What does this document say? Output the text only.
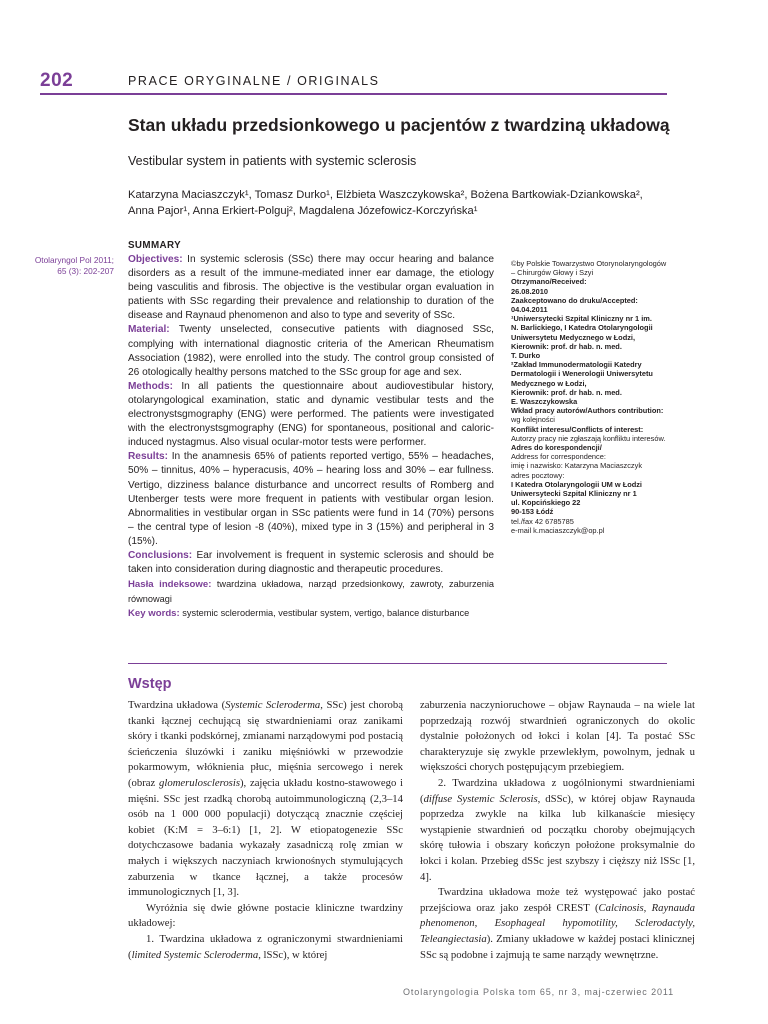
202	PRACE ORYGINALNE / ORIGINALS
Stan układu przedsionkowego u pacjentów z twardziną układową
Vestibular system in patients with systemic sclerosis
Katarzyna Maciaszczyk¹, Tomasz Durko¹, Elżbieta Waszczykowska², Bożena Bartkowiak-Dziankowska²,
Anna Pajor¹, Anna Erkiert-Polguj², Magdalena Józefowicz-Korczyńska¹
Otolaryngol Pol 2011;
65 (3): 202-207
SUMMARY

Objectives: In systemic sclerosis (SSc) there may occur hearing and balance disorders as a result of the immune-mediated inner ear damage, the etiology being vasculitis and fibrosis. The objective is the vestibular organ evaluation in patients with SSc regarding their prevalence and relationship to duration of the disease and Raynaud phenomenon and also to type and severity of SSc.

Material: Twenty unselected, consecutive patients with diagnosed SSc, complying with international diagnostic criteria of the American Rheumatism Association (1982), were enrolled into the study. The control group consisted of 26 otologically healthy persons matched to the SSc group for age and sex.

Methods: In all patients the questionnaire about audiovestibular history, otolaryngological examination, static and dynamic vestibular tests and the electronystsgmography (ENG) were performed. The patients were investigated with the electronystsgmography (ENG) for spontaneous, positional and caloric-induced nystagmus. Also visual ocular-motor tests were performer.

Results: In the anamnesis 65% of patients reported vertigo, 55% – headaches, 50% – tinnitus, 40% – hyperacusis, 40% – hearing loss and 30% – ear fullness. Vertigo, dizziness balance disturbance and uncorrect results of Romberg and Utenberger tests were more frequent in patients with vestibular organ lesion. Abnormalities in vestibular organ in SSc patients were fund in 14 (70%) persons – the central type of lesion -8 (40%), mixed type in 3 (15%) and peripheral in 3 (15%).

Conclusions: Ear involvement is frequent in systemic sclerosis and should be taken into consideration during diagnostic and therapeutic procedures.

Hasła indeksowe: twardzina układowa, narząd przedsionkowy, zawroty, zaburzenia równowagi

Key words: systemic sclerodermia, vestibular system, vertigo, balance disturbance

©by Polskie Towarzystwo Otorynolaryngologów
– Chirurgów Głowy i Szyi
Otrzymano/Received:
26.08.2010
Zaakceptowano do druku/Accepted:
04.04.2011
¹Uniwersytecki Szpital Kliniczny nr 1 im.
N. Barlickiego, I Katedra Otolaryngologii
Uniwersytetu Medycznego w Łodzi,
Kierownik: prof. dr hab. n. med.
T. Durko
²Zakład Immunodermatologii Katedry
Dermatologii i Wenerologii Uniwersytetu
Medycznego w Łodzi,
Kierownik: prof. dr hab. n. med.
E. Waszczykowska
Wkład pracy autorów/Authors contribution:
wg kolejności
Konflikt interesu/Conflicts of interest:
Autorzy pracy nie zgłaszają konfliktu interesów.
Adres do korespondencji/
Address for correspondence:
imię i nazwisko: Katarzyna Maciaszczyk
adres pocztowy:
I Katedra Otolaryngologii UM w Łodzi
Uniwersytecki Szpital Kliniczny nr 1
ul. Kopcińskiego 22
90-153 Łódź
tel./fax 42 6785785
e-mail k.maciaszczyk@op.pl
Wstęp

Twardzina układowa (Systemic Scleroderma, SSc) jest chorobą tkanki łącznej cechującą się stwardnieniami oraz zanikami skóry i tkanki podskórnej, zmianami narządowymi pod postacią ścieńczenia śluzówki i zaniku mięśniówki w przewodzie pokarmowym, włóknienia płuc, mięśnia sercowego i nerek (obraz glomerulosclerosis), zajęcia układu kostno-stawowego i mięśni. SSc jest rzadką chorobą autoimmunologiczną (2,3–14 osób na 1 000 000 populacji) dotyczącą znacznie częściej kobiet (K:M = 3–6:1) [1, 2]. W etiopatogenezie SSc dotychczasowe badania wykazały zasadniczą rolę zmian w małych i większych naczyniach krwionośnych stymulujących zaburzenia w tkance łącznej, a także procesów immunologicznych [1, 3].

Wyróżnia się dwie główne postacie kliniczne twardziny układowej:

1. Twardzina układowa z ograniczonymi stwardnieniami (limited Systemic Scleroderma, lSSc), w której

zaburzenia naczynioruchowe – objaw Raynauda – na wiele lat poprzedzają rozwój stwardnień ograniczonych do okolic dystalnie położonych od łokci i kolan [4]. Ta postać SSc charakteryzuje się zwykle przewlekłym, powolnym, jednak u większości chorych postępującym przebiegiem.

2. Twardzina układowa z uogólnionymi stwardnieniami (diffuse Systemic Sclerosis, dSSc), w której objaw Raynauda poprzedza zwykle na kilka lub kilkanaście miesięcy wystąpienie stwardnień od początku choroby obejmujących skórę tułowia i obszary kończyn położone proksymalnie do łokci i kolan. Przebieg dSSc jest szybszy i cięższy niż lSSc [1, 4].

Twardzina układowa może też występować jako postać przejściowa oraz jako zespół CREST (Calcinosis, Raynauda phenomenon, Esophageal hypomotility, Sclerodactyly, Teleangiectasia). Zmiany układowe w każdej postaci klinicznej SSc są podobne i zajmują te same narządy wewnętrzne.

Otolaryngologia Polska tom 65, nr 3, maj-czerwiec 2011
